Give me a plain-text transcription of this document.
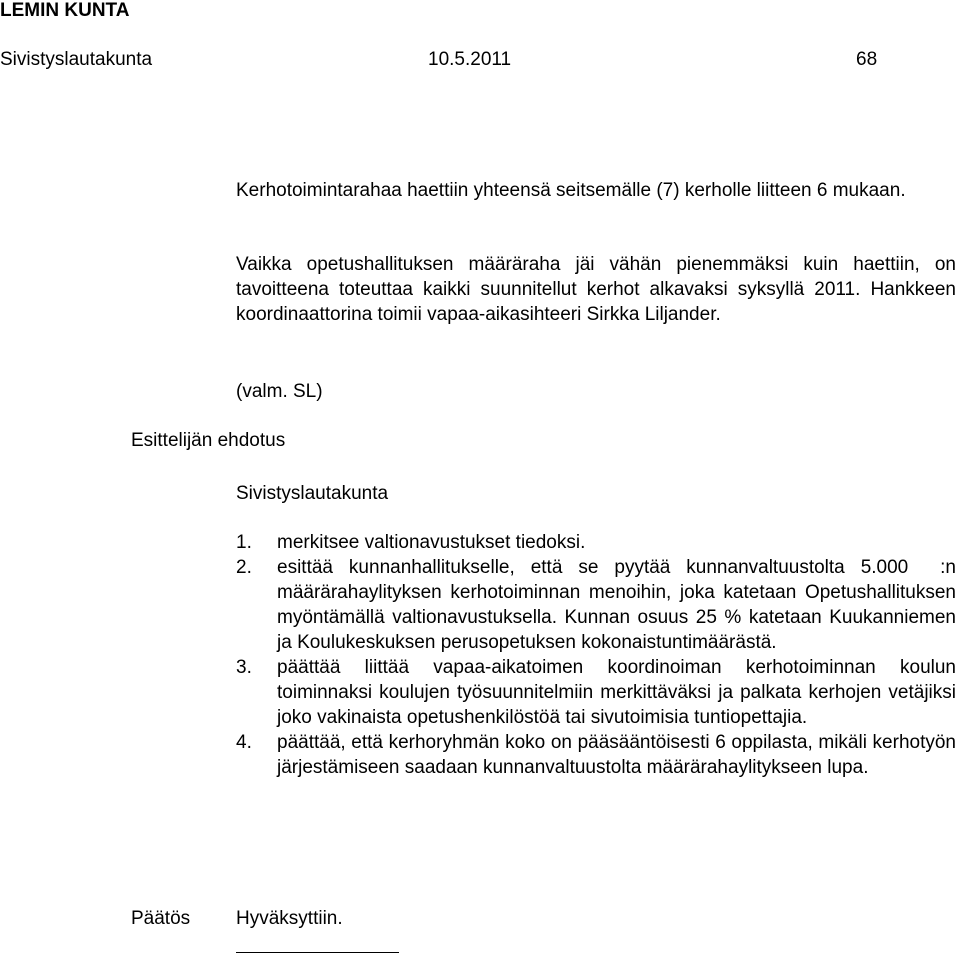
LEMIN KUNTA
Sivistyslautakunta	10.5.2011	68

Kerhotoimintarahaa haettiin yhteensä seitsemälle (7) kerholle liitteen 6 mukaan.

Vaikka opetushallituksen määräraha jäi vähän pienemmäksi kuin haettiin, on tavoitteena toteuttaa kaikki suunnitellut kerhot alkavaksi syksyllä 2011. Hankkeen koordinaattorina toimii vapaa-aikasihteeri Sirkka Liljander.

(valm. SL)

Esittelijän ehdotus
Sivistyslautakunta
1. merkitsee valtionavustukset tiedoksi.
2. esittää kunnanhallitukselle, että se pyytää kunnanvaltuustolta 5.000  :n määrärahaylityksen kerhotoiminnan menoihin, joka katetaan Opetushallituksen myöntämällä valtionavustuksella. Kunnan osuus 25 % katetaan Kuukanniemen ja Koulukeskuksen perusopetuksen kokonaistuntimäärästä.
3. päättää liittää vapaa-aikatoimen koordinoiman kerhotoiminnan koulun toiminnaksi koulujen työsuunnitelmiin merkittäväksi ja palkata kerhojen vetäjiksi joko vakinaista opetushenkilöstöä tai sivutoimisia tuntiopettajia.
4. päättää, että kerhoryhmän koko on pääsääntöisesti 6 oppilasta, mikäli kerhotyön järjestämiseen saadaan kunnanvaltuustolta määrärahaylitykseen lupa.
Päätös Hyväksyttiin.
